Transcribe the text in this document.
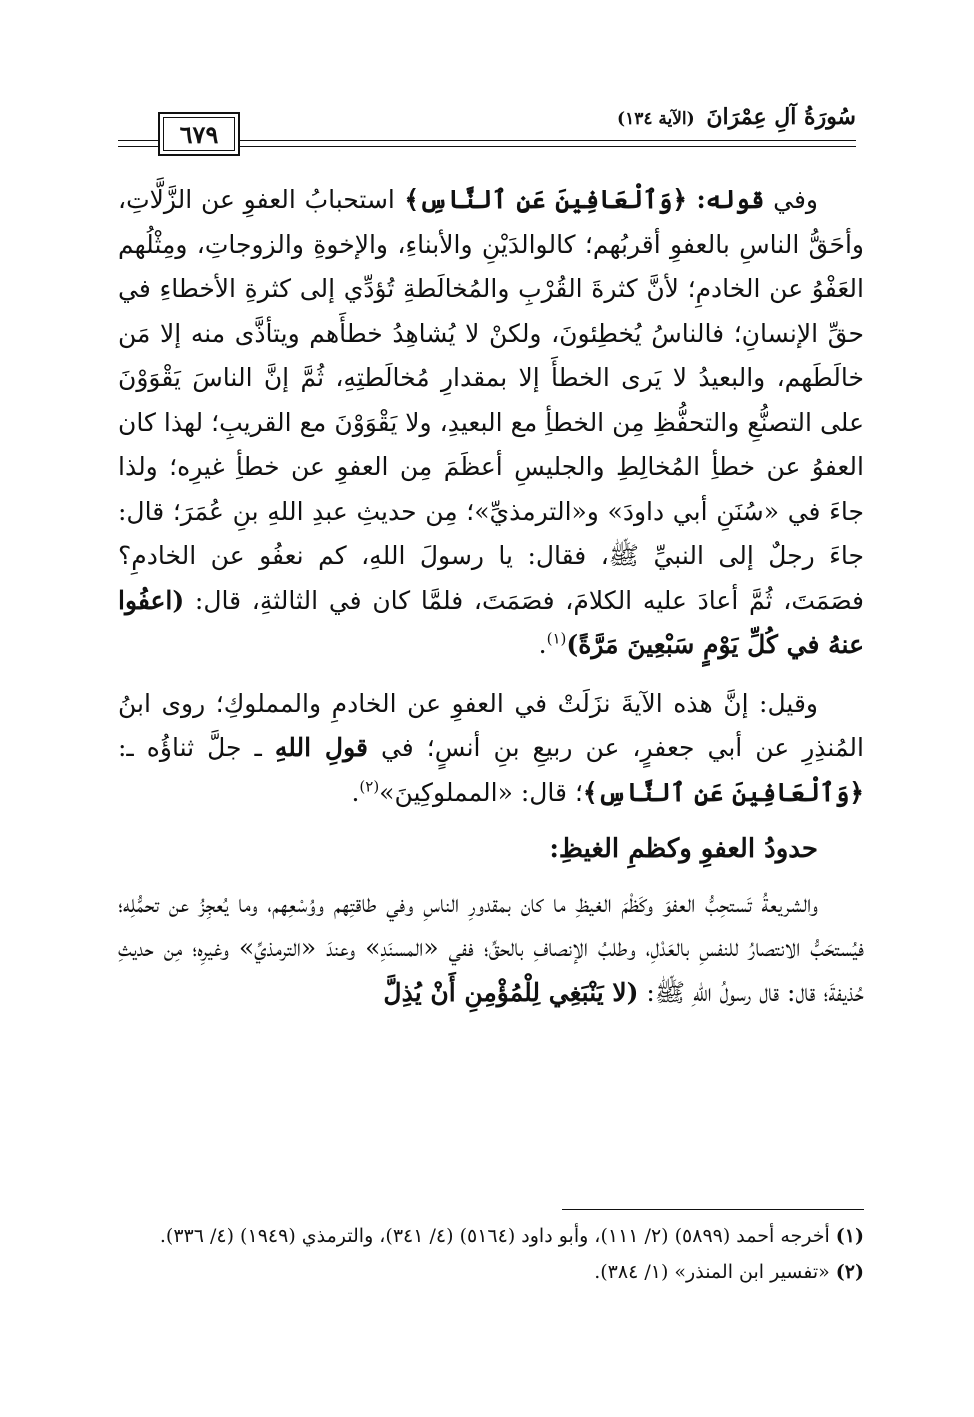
سُورَةُ آلِ عِمْرَانَ (الآية ١٣٤)
٦٧٩

وفي قوله: ﴿وَٱلْعَافِينَ عَنِ ٱلنَّاسِ﴾ استحبابُ العفوِ عن الزَّلَّاتِ، وأحَقُّ الناسِ بالعفوِ أقربُهم؛ كالوالدَيْنِ والأبناءِ، والإخوةِ والزوجاتِ، ومِثْلُهم العَفْوُ عن الخادمِ؛ لأنَّ كثرةَ القُرْبِ والمُخالَطةِ تُؤدِّي إلى كثرةِ الأخطاءِ في حقِّ الإنسانِ؛ فالناسُ يُخطِئونَ، ولكنْ لا يُشاهِدُ خطأَهم ويتأذَّى منه إلا مَن خالَطَهم، والبعيدُ لا يَرى الخطأَ إلا بمقدارِ مُخالَطتِهِ، ثُمَّ إنَّ الناسَ يَقْوَوْنَ على التصنُّعِ والتحفُّظِ مِن الخطأِ مع البعيدِ، ولا يَقْوَوْنَ مع القريبِ؛ لهذا كان العفوُ عن خطأِ المُخالِطِ والجليسِ أعظَمَ مِن العفوِ عن خطأِ غيرِه؛ ولذا جاءَ في «سُنَنِ أبي داودَ» و«الترمذيِّ»؛ مِن حديثِ عبدِ اللهِ بنِ عُمَرَ؛ قال: جاءَ رجلٌ إلى النبيِّ ﷺ، فقال: يا رسولَ اللهِ، كم نعفُو عن الخادمِ؟ فصَمَتَ، ثُمَّ أعادَ عليه الكلامَ، فصَمَتَ، فلمَّا كان في الثالثةِ، قال: (اعفُوا عنهُ في كُلِّ يَوْمٍ سَبْعِينَ مَرَّةً)$^{(١)}$.

وقيل: إنَّ هذه الآيةَ نزَلَتْ في العفوِ عن الخادمِ والمملوكِ؛ روى ابنُ المُنذِرِ عن أبي جعفرٍ، عن ربيعِ بنِ أنسٍ؛ في قولِ اللهِ ـ جلَّ ثناؤُه ـ: ﴿وَٱلْعَافِينَ عَنِ ٱلنَّاسِ﴾؛ قال: «المملوكِينَ»$^{(٢)}$.

حدودُ العفوِ وكظمِ الغيظِ:

والشريعةُ تَستحِبُّ العفوَ وكَظْمَ الغيظِ ما كان بمقدورِ الناسِ وفي طاقتِهم ووُسْعِهم، وما يُعجِزُ عن تحمُّلِه؛ فيُستحَبُّ الانتصارُ للنفسِ بالعَدْلِ، وطلبُ الإنصافِ بالحقِّ؛ ففي «المسنَدِ» وعندَ «الترمذيِّ» وغيرِه؛ مِن حديثِ حُذيفةَ؛ قال: قال رسولُ اللهِ ﷺ: (لا يَنْبَغِي لِلْمُؤْمِنِ أَنْ يُذِلَّ

(١)أخرجه أحمد (٥٨٩٩) (٢/ ١١١)، وأبو داود (٥١٦٤) (٤/ ٣٤١)، والترمذي (١٩٤٩) (٤/ ٣٣٦).
(٢)«تفسير ابن المنذر» (١/ ٣٨٤).
